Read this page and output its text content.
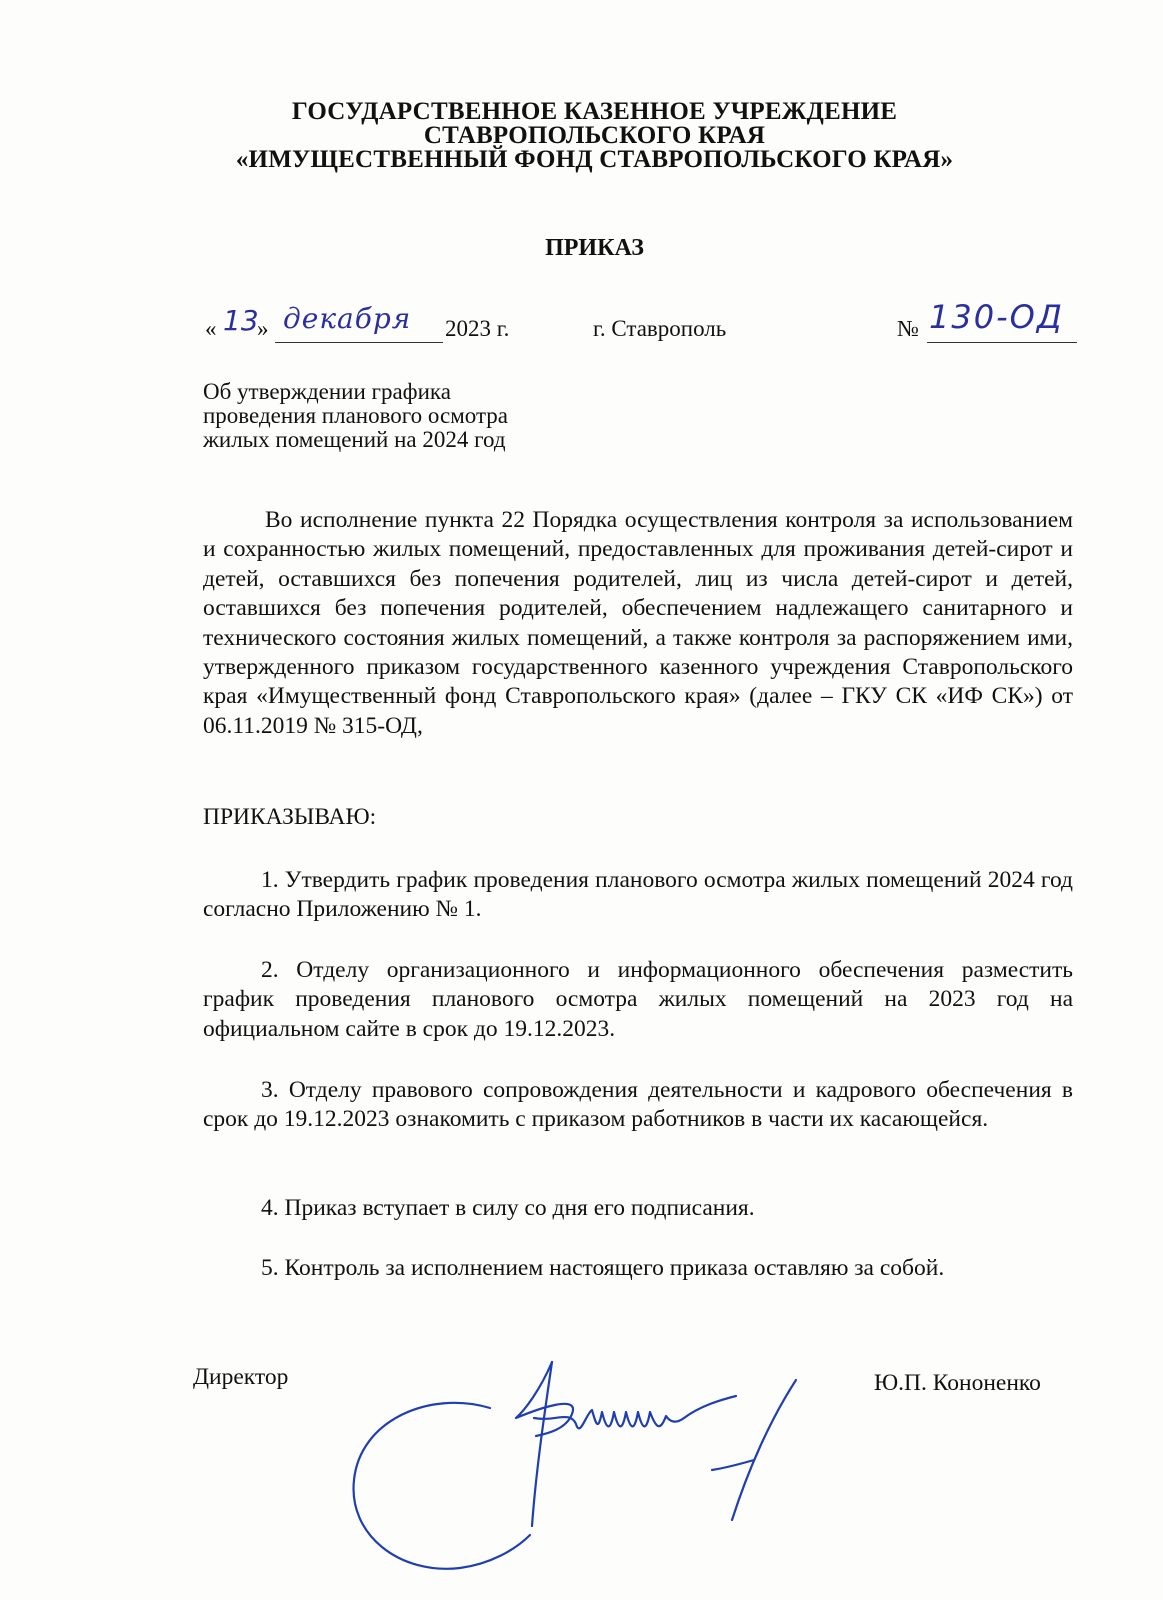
ГОСУДАРСТВЕННОЕ КАЗЕННОЕ УЧРЕЖДЕНИЕ
СТАВРОПОЛЬСКОГО КРАЯ
«ИМУЩЕСТВЕННЫЙ ФОНД СТАВРОПОЛЬСКОГО КРАЯ»
ПРИКАЗ
« 13
» декабря 2023 г.	г. Ставрополь	№ 130-ОД
Об утверждении графика
проведения планового осмотра
жилых помещений на 2024 год

Во исполнение пункта 22 Порядка осуществления контроля за использованием и сохранностью жилых помещений, предоставленных для проживания детей-сирот и детей, оставшихся без попечения родителей, лиц из числа детей-сирот и детей, оставшихся без попечения родителей, обеспечением надлежащего санитарного и технического состояния жилых помещений, а также контроля за распоряжением ими, утвержденного приказом государственного казенного учреждения Ставропольского края «Имущественный фонд Ставропольского края» (далее – ГКУ СК «ИФ СК») от 06.11.2019 № 315-ОД,

ПРИКАЗЫВАЮ:
1. Утвердить график проведения планового осмотра жилых помещений 2024 год согласно Приложению № 1.
2. Отделу организационного и информационного обеспечения разместить график проведения планового осмотра жилых помещений на 2023 год на официальном сайте в срок до 19.12.2023.
3. Отделу правового сопровождения деятельности и кадрового обеспечения в срок до 19.12.2023 ознакомить с приказом работников в части их касающейся.
4. Приказ вступает в силу со дня его подписания.
5. Контроль за исполнением настоящего приказа оставляю за собой.
Директор	Ю.П. Кононенко
